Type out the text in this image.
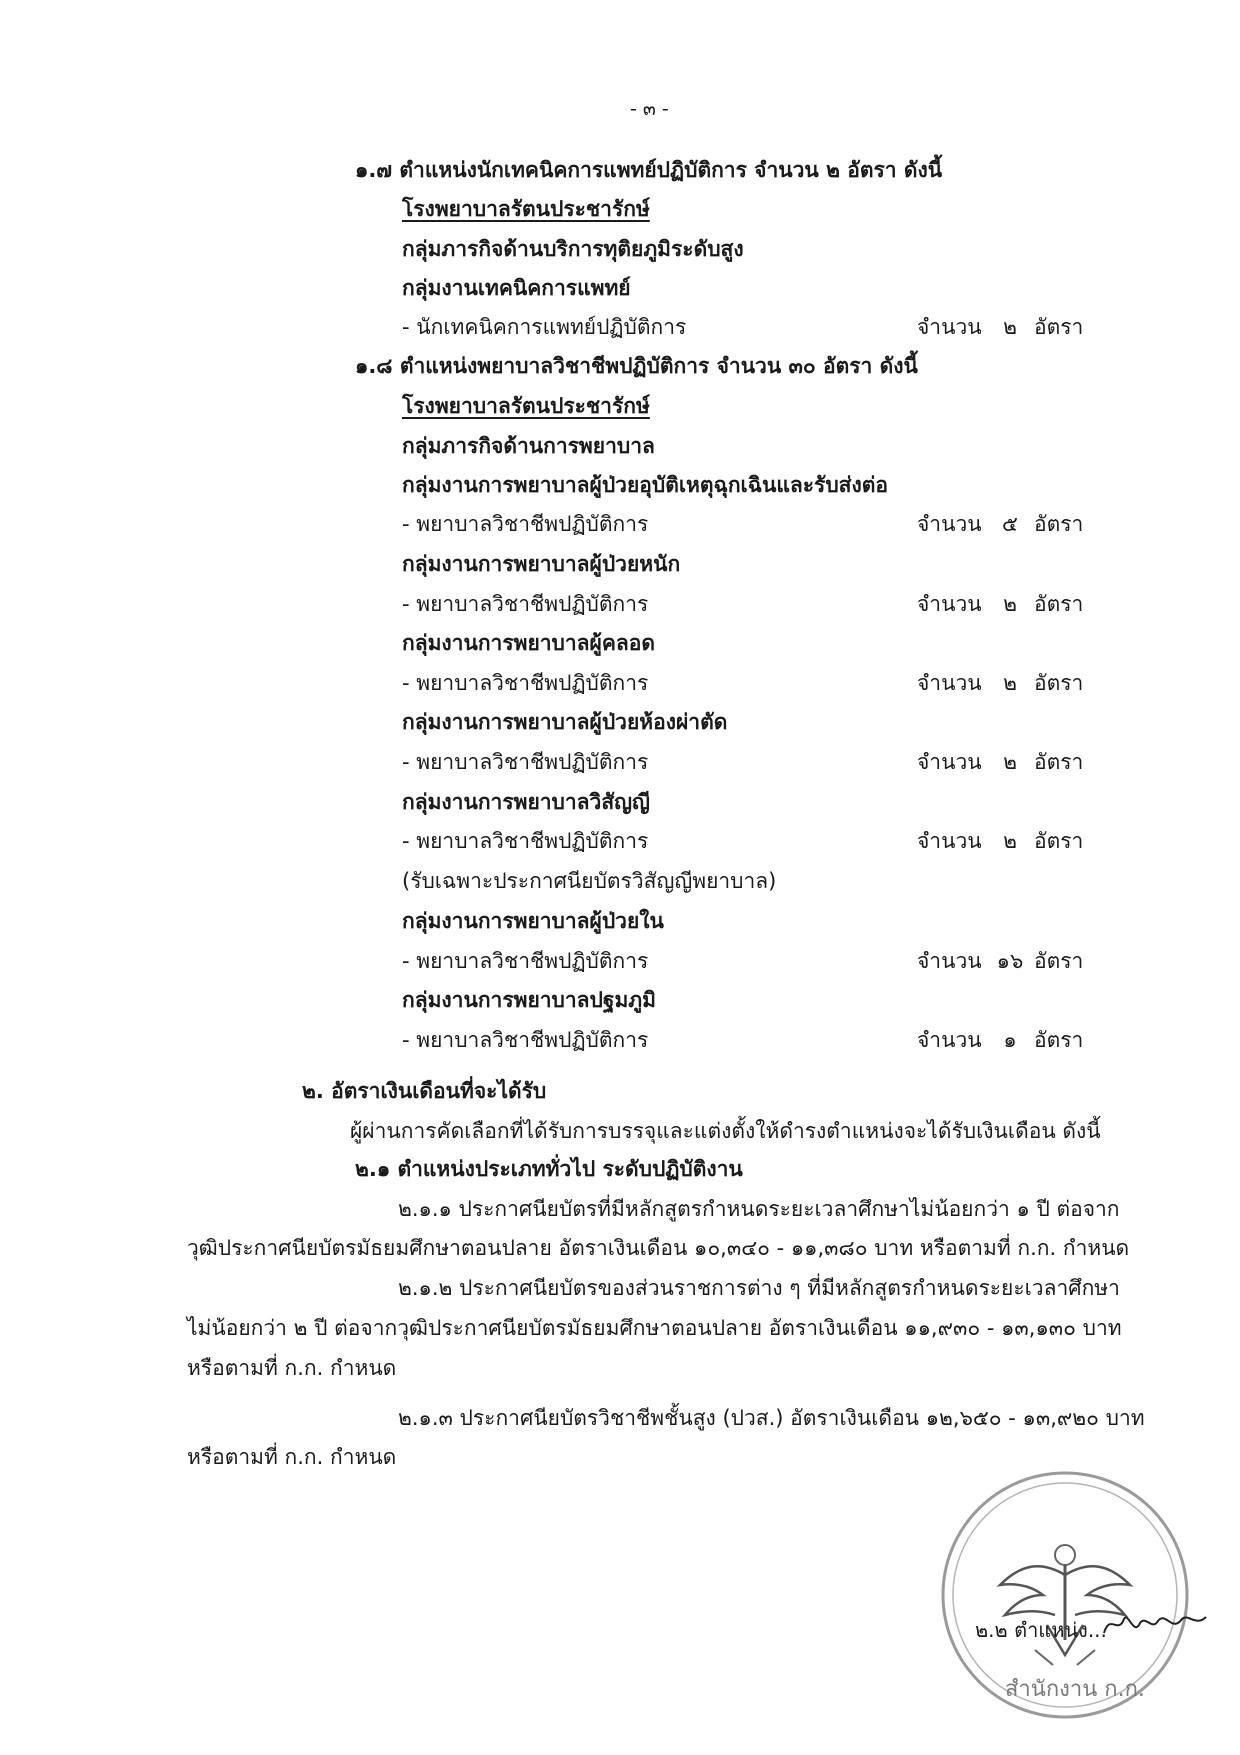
- ๓ -
๑.๗ ตำแหน่งนักเทคนิคการแพทย์ปฏิบัติการ จำนวน ๒ อัตรา ดังนี้
โรงพยาบาลรัตนประชารักษ์
กลุ่มภารกิจด้านบริการทุติยภูมิระดับสูง
กลุ่มงานเทคนิคการแพทย์
- นักเทคนิคการแพทย์ปฏิบัติการ	จำนวน	๒ อัตรา
๑.๘ ตำแหน่งพยาบาลวิชาชีพปฏิบัติการ จำนวน ๓๐ อัตรา ดังนี้
โรงพยาบาลรัตนประชารักษ์
กลุ่มภารกิจด้านการพยาบาล
กลุ่มงานการพยาบาลผู้ป่วยอุบัติเหตุฉุกเฉินและรับส่งต่อ
- พยาบาลวิชาชีพปฏิบัติการ	จำนวน ๕ อัตรา
กลุ่มงานการพยาบาลผู้ป่วยหนัก
- พยาบาลวิชาชีพปฏิบัติการ	จำนวน	๒ อัตรา
กลุ่มงานการพยาบาลผู้คลอด
- พยาบาลวิชาชีพปฏิบัติการ	จำนวน	๒ อัตรา
กลุ่มงานการพยาบาลผู้ป่วยห้องผ่าตัด
- พยาบาลวิชาชีพปฏิบัติการ	จำนวน	๒ อัตรา
กลุ่มงานการพยาบาลวิสัญญี
- พยาบาลวิชาชีพปฏิบัติการ	จำนวน	๒ อัตรา
(รับเฉพาะประกาศนียบัตรวิสัญญีพยาบาล)
กลุ่มงานการพยาบาลผู้ป่วยใน
- พยาบาลวิชาชีพปฏิบัติการ	จำนวน ๑๖ อัตรา
กลุ่มงานการพยาบาลปฐมภูมิ
- พยาบาลวิชาชีพปฏิบัติการ	จำนวน	๑ อัตรา
๒. อัตราเงินเดือนที่จะได้รับ
ผู้ผ่านการคัดเลือกที่ได้รับการบรรจุและแต่งตั้งให้ดำรงตำแหน่งจะได้รับเงินเดือน ดังนี้
๒.๑ ตำแหน่งประเภททั่วไป ระดับปฏิบัติงาน
๒.๑.๑ ประกาศนียบัตรที่มีหลักสูตรกำหนดระยะเวลาศึกษาไม่น้อยกว่า ๑ ปี ต่อจาก
วุฒิประกาศนียบัตรมัธยมศึกษาตอนปลาย อัตราเงินเดือน ๑๐,๓๔๐ - ๑๑,๓๘๐ บาท หรือตามที่ ก.ก. กำหนด
๒.๑.๒ ประกาศนียบัตรของส่วนราชการต่าง ๆ ที่มีหลักสูตรกำหนดระยะเวลาศึกษา
ไม่น้อยกว่า ๒ ปี ต่อจากวุฒิประกาศนียบัตรมัธยมศึกษาตอนปลาย อัตราเงินเดือน ๑๑,๙๓๐ - ๑๓,๑๓๐ บาท
หรือตามที่ ก.ก. กำหนด
๒.๑.๓ ประกาศนียบัตรวิชาชีพชั้นสูง (ปวส.) อัตราเงินเดือน ๑๒,๖๕๐ - ๑๓,๙๒๐ บาท
หรือตามที่ ก.ก. กำหนด
๒.๒ ตำแหน่ง...
สำนักงาน ก.ก.
